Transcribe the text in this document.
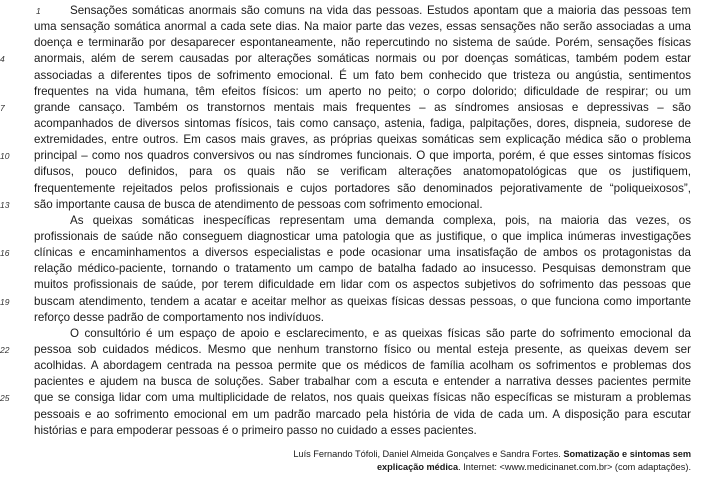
1	Sensações somáticas anormais são comuns na vida das pessoas. Estudos apontam que a maioria das pessoas tem
uma sensação somática anormal a cada sete dias. Na maior parte das vezes, essas sensações não serão associadas a uma
doença e terminarão por desaparecer espontaneamente, não repercutindo no sistema de saúde. Porém, sensações físicas
4	anormais, além de serem causadas por alterações somáticas normais ou por doenças somáticas, também podem estar
associadas a diferentes tipos de sofrimento emocional. É um fato bem conhecido que tristeza ou angústia, sentimentos
frequentes na vida humana, têm efeitos físicos: um aperto no peito; o corpo dolorido; dificuldade de respirar; ou um
7	grande cansaço. Também os transtornos mentais mais frequentes – as síndromes ansiosas e depressivas – são
acompanhados de diversos sintomas físicos, tais como cansaço, astenia, fadiga, palpitações, dores, dispneia, sudorese de
extremidades, entre outros. Em casos mais graves, as próprias queixas somáticas sem explicação médica são o problema
10	principal – como nos quadros conversivos ou nas síndromes funcionais. O que importa, porém, é que esses sintomas físicos
difusos, pouco definidos, para os quais não se verificam alterações anatomopatológicas que os justifiquem,
frequentemente rejeitados pelos profissionais e cujos portadores são denominados pejorativamente de “poliqueixosos”,
13	são importante causa de busca de atendimento de pessoas com sofrimento emocional.
As queixas somáticas inespecíficas representam uma demanda complexa, pois, na maioria das vezes, os
profissionais de saúde não conseguem diagnosticar uma patologia que as justifique, o que implica inúmeras investigações
16	clínicas e encaminhamentos a diversos especialistas e pode ocasionar uma insatisfação de ambos os protagonistas da
relação médico-paciente, tornando o tratamento um campo de batalha fadado ao insucesso. Pesquisas demonstram que
muitos profissionais de saúde, por terem dificuldade em lidar com os aspectos subjetivos do sofrimento das pessoas que
19	buscam atendimento, tendem a acatar e aceitar melhor as queixas físicas dessas pessoas, o que funciona como importante
reforço desse padrão de comportamento nos indivíduos.
O consultório é um espaço de apoio e esclarecimento, e as queixas físicas são parte do sofrimento emocional da
22	pessoa sob cuidados médicos. Mesmo que nenhum transtorno físico ou mental esteja presente, as queixas devem ser
acolhidas. A abordagem centrada na pessoa permite que os médicos de família acolham os sofrimentos e problemas dos
pacientes e ajudem na busca de soluções. Saber trabalhar com a escuta e entender a narrativa desses pacientes permite
25	que se consiga lidar com uma multiplicidade de relatos, nos quais queixas físicas não específicas se misturam a problemas
pessoais e ao sofrimento emocional em um padrão marcado pela história de vida de cada um. A disposição para escutar
histórias e para empoderar pessoas é o primeiro passo no cuidado a esses pacientes.
Luís Fernando Tófoli, Daniel Almeida Gonçalves e Sandra Fortes. Somatização e sintomas sem
explicação médica. Internet: <www.medicinanet.com.br> (com adaptações).
